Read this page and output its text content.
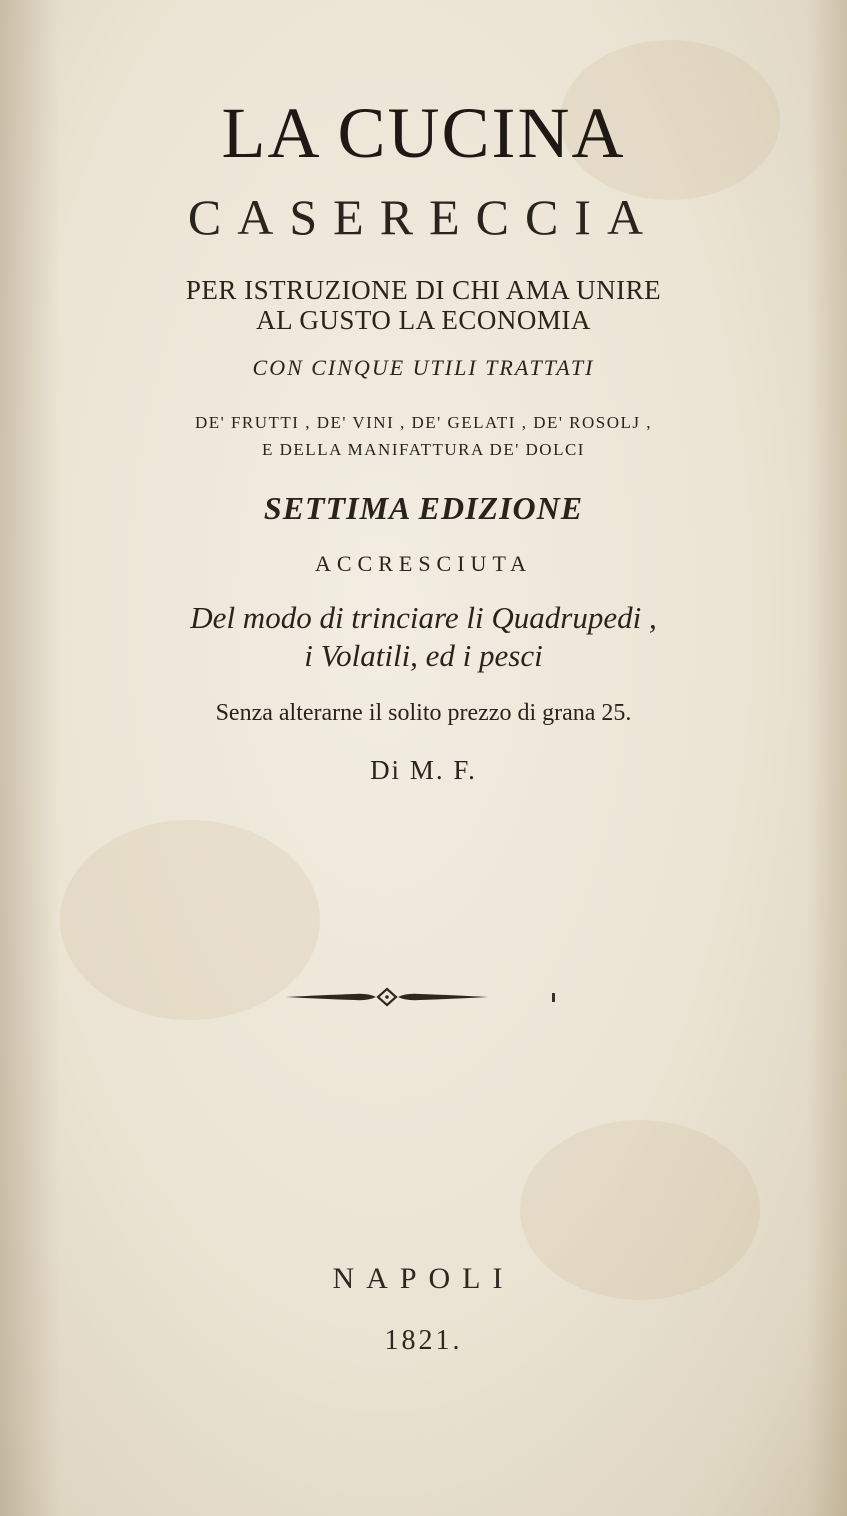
LA CUCINA
CASERECCIA
PER ISTRUZIONE DI CHI AMA UNIRE
AL GUSTO LA ECONOMIA
CON CINQUE UTILI TRATTATI
DE' FRUTTI , DE' VINI , DE' GELATI , DE' ROSOLJ ,
E DELLA MANIFATTURA DE' DOLCI
SETTIMA EDIZIONE
ACCRESCIUTA
Del modo di trinciare li Quadrupedi ,
i Volatili, ed i pesci
Senza alterarne il solito prezzo di grana 25.
Di M. F.
NAPOLI
1821.
